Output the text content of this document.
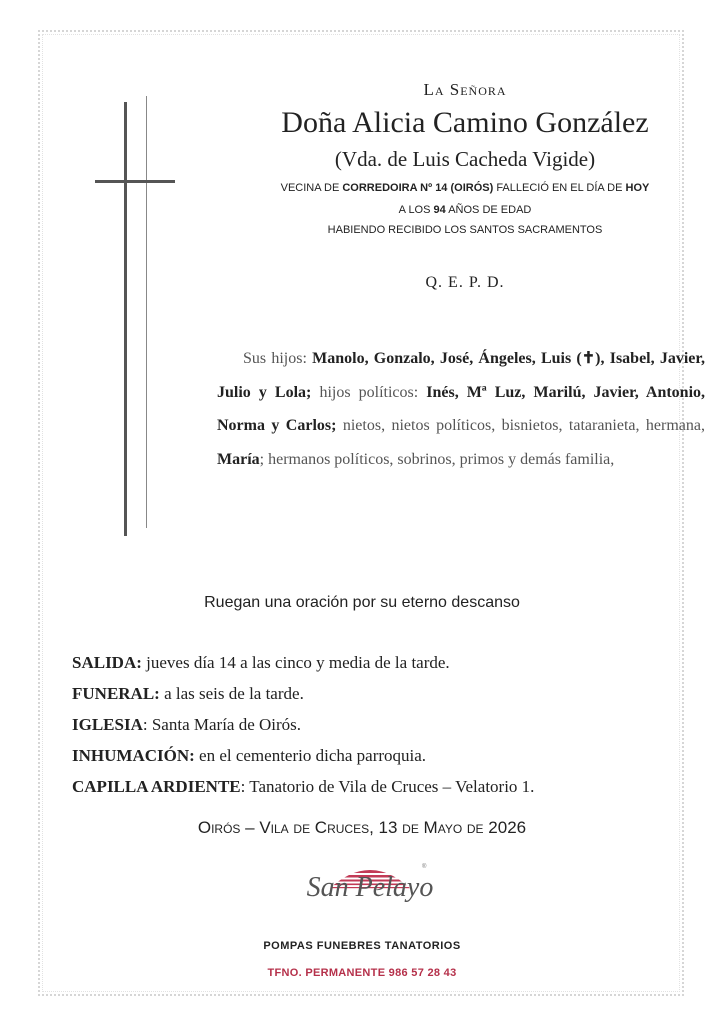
La Señora
Doña Alicia Camino González
(Vda. de Luis Cacheda Vigide)
VECINA DE CORREDOIRA Nº 14 (OIRÓS) FALLECIÓ EN EL DÍA DE HOY
A LOS 94 AÑOS DE EDAD
HABIENDO RECIBIDO LOS SANTOS SACRAMENTOS
Q. E. P. D.
Sus hijos: Manolo, Gonzalo, José, Ángeles, Luis (✝), Isabel, Javier, Julio y Lola; hijos políticos: Inés, Mª Luz, Marilú, Javier, Antonio, Norma y Carlos; nietos, nietos políticos, bisnietos, tataranieta, hermana, María; hermanos políticos, sobrinos, primos y demás familia,
Ruegan una oración por su eterno descanso
SALIDA: jueves día 14 a las cinco y media de la tarde.
FUNERAL: a las seis de la tarde.
IGLESIA: Santa María de Oirós.
INHUMACIÓN: en el cementerio dicha parroquia.
CAPILLA ARDIENTE: Tanatorio de Vila de Cruces – Velatorio 1.
Oirós – Vila de Cruces, 13 de Mayo de 2026
®
San Pelayo
POMPAS FUNEBRES TANATORIOS
TFNO. PERMANENTE 986 57 28 43
